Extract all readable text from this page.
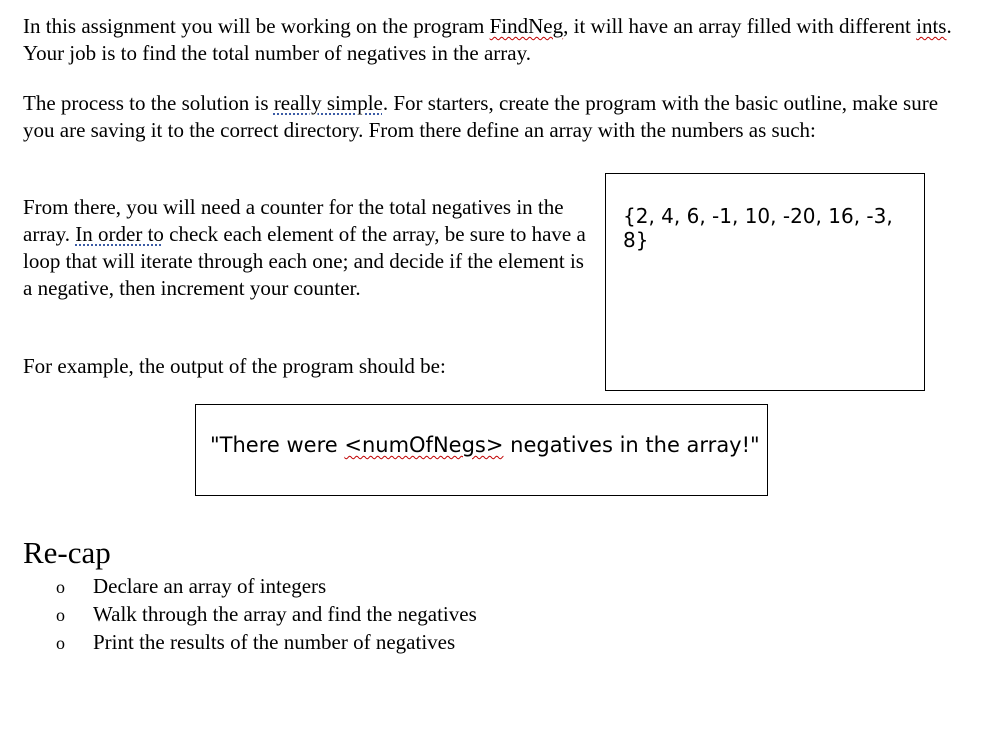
In this assignment you will be working on the program FindNeg, it will have an array filled with different ints. Your job is to find the total number of negatives in the array.

The process to the solution is really simple. For starters, create the program with the basic outline, make sure you are saving it to the correct directory. From there define an array with the numbers as such:

From there, you will need a counter for the total negatives in the array. In order to check each element of the array, be sure to have a loop that will iterate through each one; and decide if the element is a negative, then increment your counter.

For example, the output of the program should be:

{2, 4, 6, -1, 10, -20, 16, -3, 8}
"There were <numOfNegs> negatives in the array!"
Re-cap
o	Declare an array of integers
o	Walk through the array and find the negatives
o	Print the results of the number of negatives
